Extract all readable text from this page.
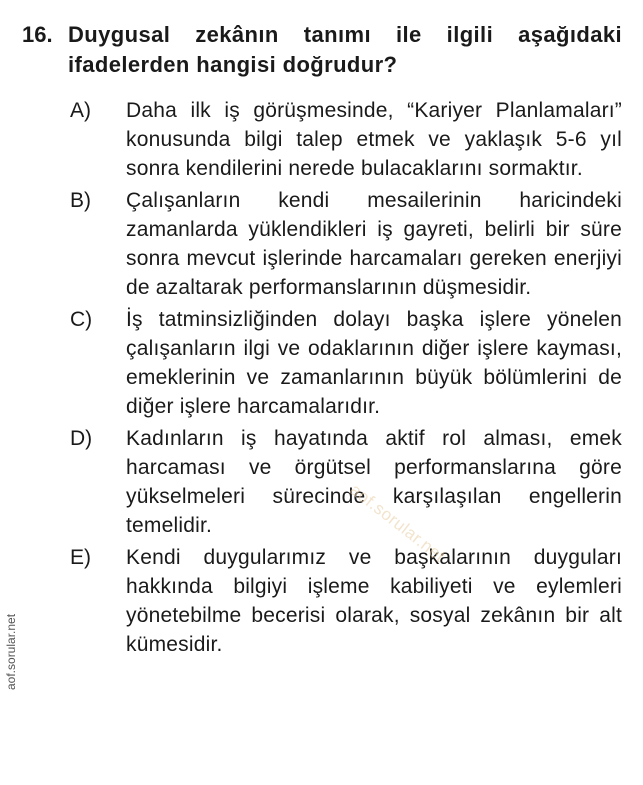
16. Duygusal zekânın tanımı ile ilgili aşağıdaki ifadelerden hangisi doğrudur?
A)	Daha ilk iş görüşmesinde, “Kariyer Planlamaları” konusunda bilgi talep etmek ve yaklaşık 5-6 yıl sonra kendilerini nerede bulacaklarını sormaktır.
B)	Çalışanların kendi mesailerinin haricindeki zamanlarda yüklendikleri iş gayreti, belirli bir süre sonra mevcut işlerinde harcamaları gereken enerjiyi de azaltarak performanslarının düşmesidir.
C)	İş tatminsizliğinden dolayı başka işlere yönelen çalışanların ilgi ve odaklarının diğer işlere kayması, emeklerinin ve zamanlarının büyük bölümlerini de diğer işlere harcamalarıdır.
D)	Kadınların iş hayatında aktif rol alması, emek harcaması ve örgütsel performanslarına göre yükselmeleri sürecinde karşılaşılan engellerin temelidir.
E)	Kendi duygularımız ve başkalarının duyguları hakkında bilgiyi işleme kabiliyeti ve eylemleri yönetebilme becerisi olarak, sosyal zekânın bir alt kümesidir.
aof.sorular.net
aof.sorular.net
